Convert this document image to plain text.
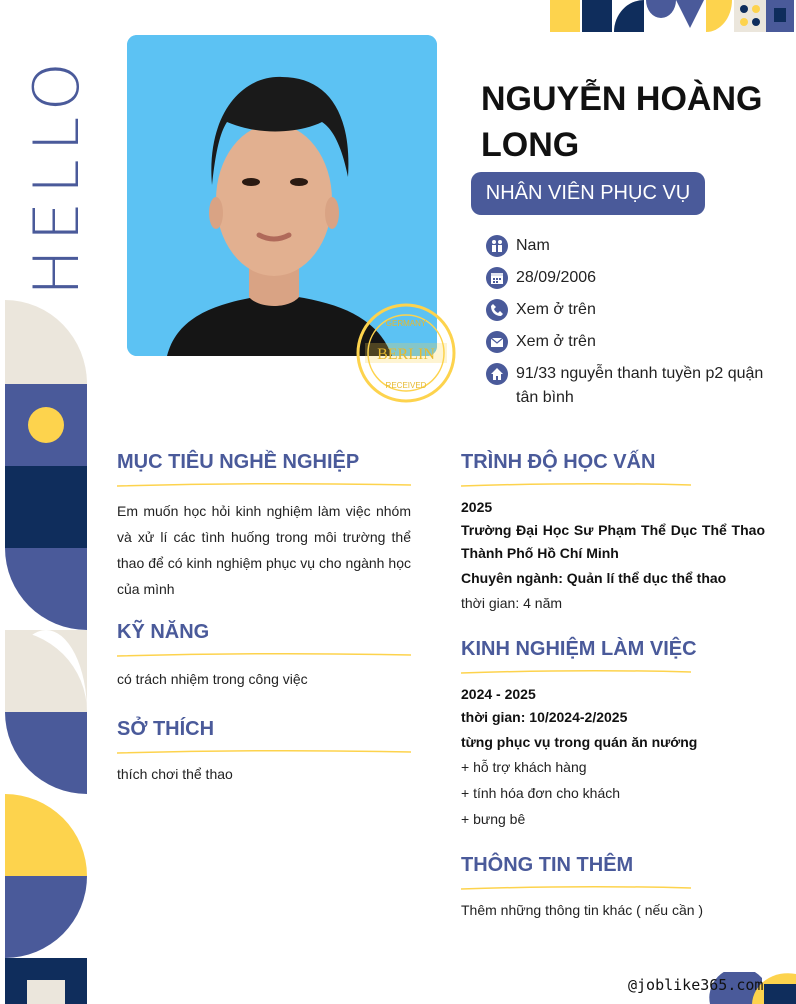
HELLO
BERLIN
GERMANY
RECEIVED
NGUYỄN HOÀNG LONG
NHÂN VIÊN PHỤC VỤ
Nam
28/09/2006
Xem ở trên
Xem ở trên
91/33 nguyễn thanh tuyền p2 quận tân bình
MỤC TIÊU NGHỀ NGHIỆP
Em muốn học hỏi kinh nghiệm làm việc nhóm và xử lí các tình huống trong môi trường thể thao để có kinh nghiệm phục vụ cho ngành học của mình
KỸ NĂNG
có trách nhiệm trong công việc
SỞ THÍCH
thích chơi thể thao
TRÌNH ĐỘ HỌC VẤN
2025
Trường Đại Học Sư Phạm Thể Dục Thể Thao Thành Phố Hồ Chí Minh
Chuyên ngành: Quản lí thể dục thể thao
thời gian: 4 năm
KINH NGHIỆM LÀM VIỆC
2024 - 2025
thời gian: 10/2024-2/2025
từng phục vụ trong quán ăn nướng
+ hỗ trợ khách hàng
+ tính hóa đơn cho khách
+ bưng bê
THÔNG TIN THÊM
Thêm những thông tin khác ( nếu cần )
@joblike365.com
